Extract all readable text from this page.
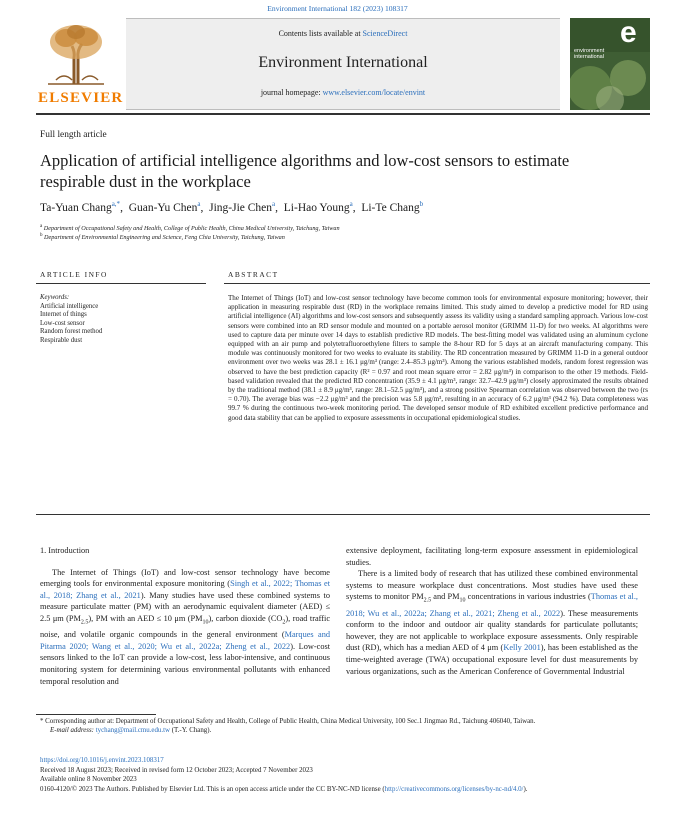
Environment International 182 (2023) 108317
ELSEVIER
Contents lists available at ScienceDirect
Environment International
journal homepage: www.elsevier.com/locate/envint
e
environment international
Full length article
Application of artificial intelligence algorithms and low-cost sensors to estimate respirable dust in the workplace
Ta-Yuan Chang$^{a,*}$,  Guan-Yu Chen$^a$,  Jing-Jie Chen$^a$,  Li-Hao Young$^a$,  Li-Te Chang$^b$
$^a$ Department of Occupational Safety and Health, College of Public Health, China Medical University, Taichung, Taiwan
$^b$ Department of Environmental Engineering and Science, Feng Chia University, Taichung, Taiwan
ARTICLE INFO	ABSTRACT
Keywords:
Artificial intelligence
Internet of things
Low-cost sensor
Random forest method
Respirable dust
The Internet of Things (IoT) and low-cost sensor technology have become common tools for environmental exposure monitoring; however, their application in measuring respirable dust (RD) in the workplace remains limited. This study aimed to develop a predictive model for RD using artificial intelligence (AI) algorithms and low-cost sensors and subsequently assess its validity using a standard sampling approach. Various low-cost sensors were combined into an RD sensor module and mounted on a portable aerosol monitor (GRIMM 11-D) for two weeks. AI algorithms were used to capture data per minute over 14 days to establish predictive RD models. The best-fitting model was validated using an aluminum cyclone equipped with an air pump and polytetrafluoroethylene filters to sample the 8-hour RD for 5 days at an aircraft manufacturing company. This module was continuously monitored for two weeks to evaluate its stability. The RD concentration measured by GRIMM 11-D in a general outdoor environment over two weeks was 28.1 ± 16.1 μg/m³ (range: 2.4–85.3 μg/m³). Among the various established models, random forest regression was observed to have the best prediction capacity (R² = 0.97 and root mean square error = 2.82 μg/m³) in comparison to the other 19 methods. Field-based validation revealed that the predicted RD concentration (35.9 ± 4.1 μg/m³, range: 32.7–42.9 μg/m³) closely approximated the results obtained by the traditional method (38.1 ± 8.9 μg/m³, range: 28.1–52.5 μg/m³), and a strong positive Spearman correlation was observed between the two (rs = 0.70). The average bias was −2.2 μg/m³ and the precision was 5.8 μg/m³, resulting in an accuracy of 6.2 μg/m³ (94.2 %). Data completeness was 99.7 % during the continuous two-week monitoring period. The developed sensor module of RD exhibited excellent predictive performance and good data stability that can be applied to exposure assessments in occupational epidemiological studies.
1. Introduction
The Internet of Things (IoT) and low-cost sensor technology have become emerging tools for environmental exposure monitoring (Singh et al., 2022; Thomas et al., 2018; Zhang et al., 2021). Many studies have used these combined systems to measure particulate matter (PM) with an aerodynamic equivalent diameter (AED) ≤ 2.5 μm $(PM_{2.5})$, PM with an AED ≤ 10 μm $(PM_{10})$, carbon dioxide $(CO_2)$, road traffic noise, and volatile organic compounds in the general environment (Marques and Pitarma 2020; Wang et al., 2020; Wu et al., 2022a; Zheng et al., 2022). Low-cost sensors linked to the IoT can provide a low-cost, less labor-intensive, and continuous monitoring system for determining various environmental pollutants with enhanced temporal resolution and
extensive deployment, facilitating long-term exposure assessment in epidemiological studies.
There is a limited body of research that has utilized these combined environmental systems to measure workplace dust concentrations. Most studies have used these systems to monitor $PM_{2.5}$ and $PM_{10}$ concentrations in various industries (Thomas et al., 2018; Wu et al., 2022a; Zhang et al., 2021; Zheng et al., 2022). These measurements conform to the indoor and outdoor air quality standards for particulate pollutants; however, they are not applicable to workplace exposure assessments. Only respirable dust (RD), which has a median AED of 4 μm (Kelly 2001), has been established as the time-weighted average (TWA) occupational exposure level for dust measurements by various organizations, such as the American Conference of Governmental Industrial
* Corresponding author at: Department of Occupational Safety and Health, College of Public Health, China Medical University, 100 Sec.1 Jingmao Rd., Taichung 406040, Taiwan.
E-mail address: tychang@mail.cmu.edu.tw (T.-Y. Chang).
https://doi.org/10.1016/j.envint.2023.108317
Received 18 August 2023; Received in revised form 12 October 2023; Accepted 7 November 2023
Available online 8 November 2023
0160-4120/© 2023 The Authors. Published by Elsevier Ltd. This is an open access article under the CC BY-NC-ND license (http://creativecommons.org/licenses/by-nc-nd/4.0/).
